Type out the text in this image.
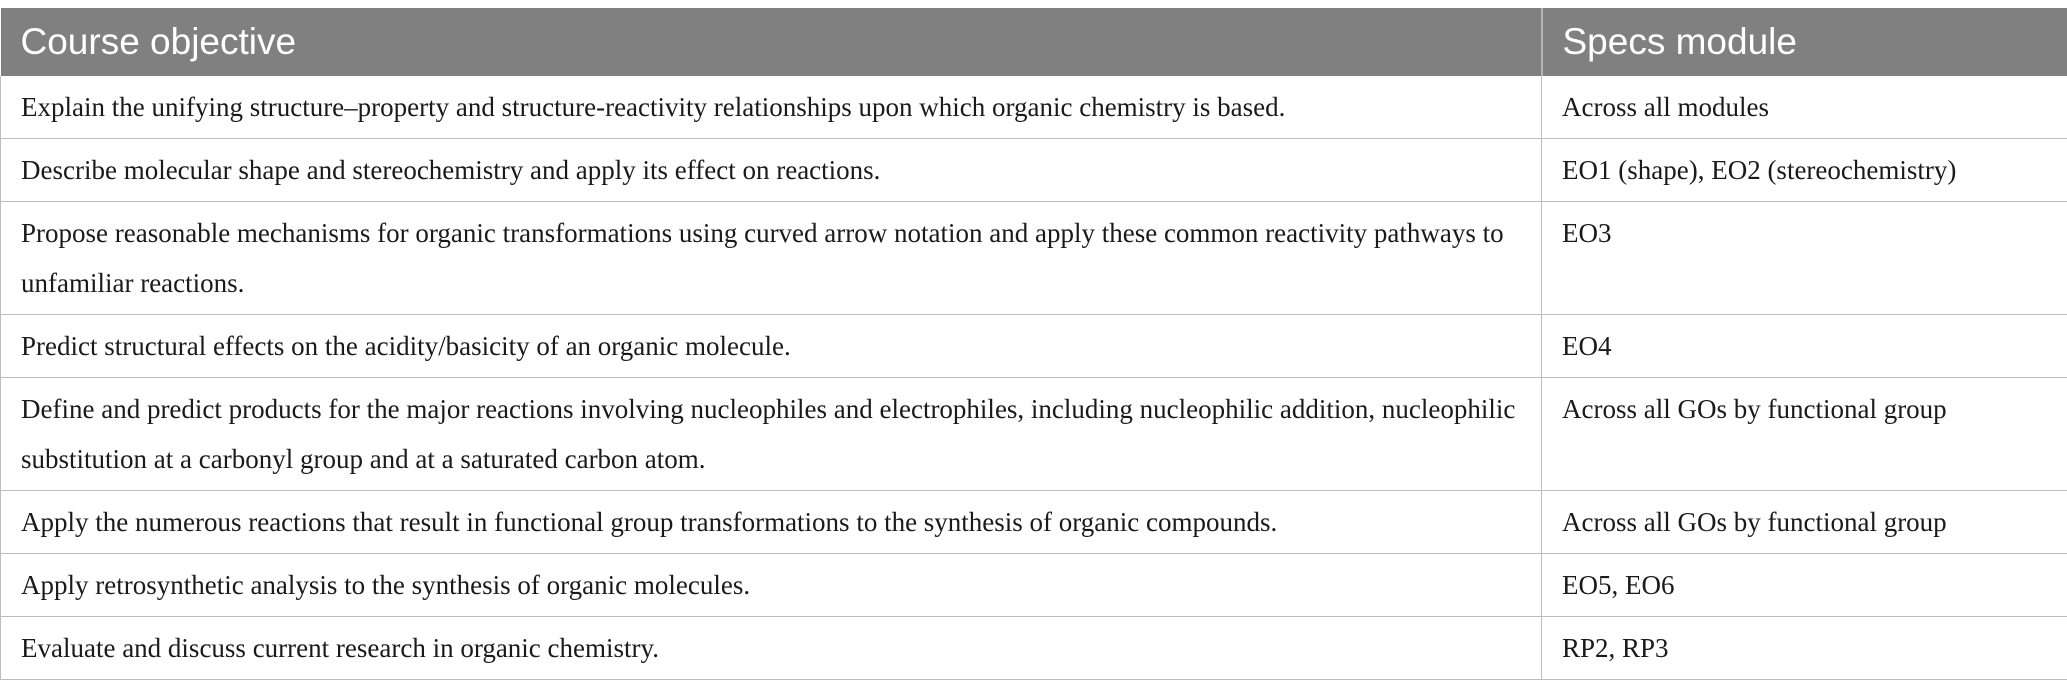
Course objective	Specs module
Explain the unifying structure–property and structure-reactivity relationships upon which organic chemistry is based.	Across all modules
Describe molecular shape and stereochemistry and apply its effect on reactions.	EO1 (shape), EO2 (stereochemistry)
Propose reasonable mechanisms for organic transformations using curved arrow notation and apply these common reactivity pathways to unfamiliar reactions.	EO3
Predict structural effects on the acidity/basicity of an organic molecule.	EO4
Define and predict products for the major reactions involving nucleophiles and electrophiles, including nucleophilic addition, nucleophilic substitution at a carbonyl group and at a saturated carbon atom.	Across all GOs by functional group
Apply the numerous reactions that result in functional group transformations to the synthesis of organic compounds.	Across all GOs by functional group
Apply retrosynthetic analysis to the synthesis of organic molecules.	EO5, EO6
Evaluate and discuss current research in organic chemistry.	RP2, RP3
